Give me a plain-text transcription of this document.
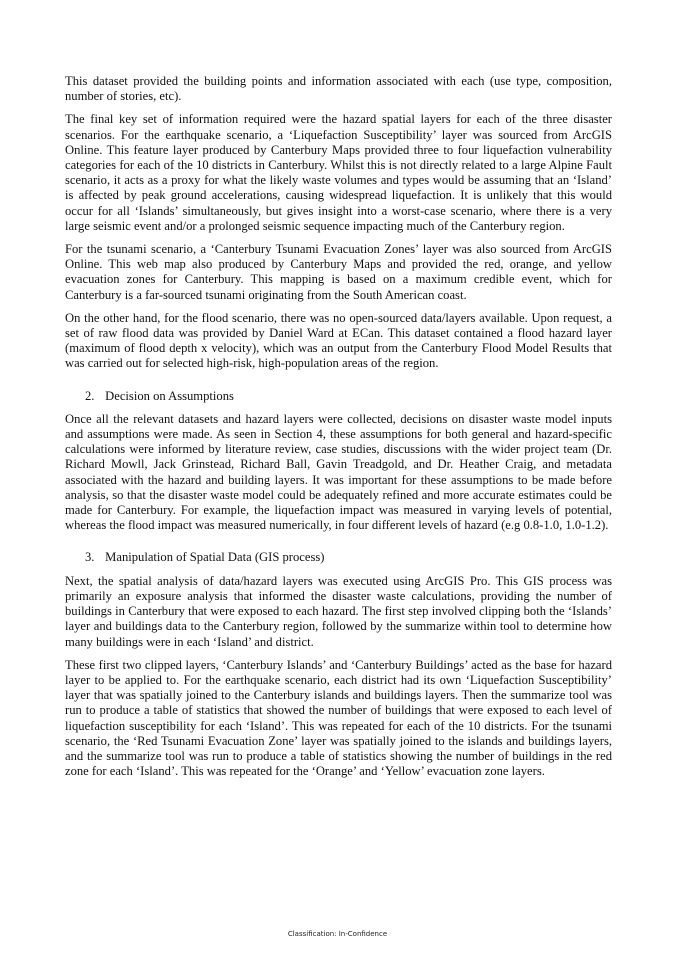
This dataset provided the building points and information associated with each (use type, composition, number of stories, etc).

The final key set of information required were the hazard spatial layers for each of the three disaster scenarios. For the earthquake scenario, a ‘Liquefaction Susceptibility’ layer was sourced from ArcGIS Online. This feature layer produced by Canterbury Maps provided three to four liquefaction vulnerability categories for each of the 10 districts in Canterbury. Whilst this is not directly related to a large Alpine Fault scenario, it acts as a proxy for what the likely waste volumes and types would be assuming that an ‘Island’ is affected by peak ground accelerations, causing widespread liquefaction. It is unlikely that this would occur for all ‘Islands’ simultaneously, but gives insight into a worst-case scenario, where there is a very large seismic event and/or a prolonged seismic sequence impacting much of the Canterbury region.

For the tsunami scenario, a ‘Canterbury Tsunami Evacuation Zones’ layer was also sourced from ArcGIS Online. This web map also produced by Canterbury Maps and provided the red, orange, and yellow evacuation zones for Canterbury. This mapping is based on a maximum credible event, which for Canterbury is a far-sourced tsunami originating from the South American coast.

On the other hand, for the flood scenario, there was no open-sourced data/layers available. Upon request, a set of raw flood data was provided by Daniel Ward at ECan. This dataset contained a flood hazard layer (maximum of flood depth x velocity), which was an output from the Canterbury Flood Model Results that was carried out for selected high-risk, high-population areas of the region.

2. Decision on Assumptions

Once all the relevant datasets and hazard layers were collected, decisions on disaster waste model inputs and assumptions were made. As seen in Section 4, these assumptions for both general and hazard-specific calculations were informed by literature review, case studies, discussions with the wider project team (Dr. Richard Mowll, Jack Grinstead, Richard Ball, Gavin Treadgold, and Dr. Heather Craig, and metadata associated with the hazard and building layers. It was important for these assumptions to be made before analysis, so that the disaster waste model could be adequately refined and more accurate estimates could be made for Canterbury. For example, the liquefaction impact was measured in varying levels of potential, whereas the flood impact was measured numerically, in four different levels of hazard (e.g 0.8-1.0, 1.0-1.2).

3. Manipulation of Spatial Data (GIS process)

Next, the spatial analysis of data/hazard layers was executed using ArcGIS Pro. This GIS process was primarily an exposure analysis that informed the disaster waste calculations, providing the number of buildings in Canterbury that were exposed to each hazard. The first step involved clipping both the ‘Islands’ layer and buildings data to the Canterbury region, followed by the summarize within tool to determine how many buildings were in each ‘Island’ and district.

These first two clipped layers, ‘Canterbury Islands’ and ‘Canterbury Buildings’ acted as the base for hazard layer to be applied to. For the earthquake scenario, each district had its own ‘Liquefaction Susceptibility’ layer that was spatially joined to the Canterbury islands and buildings layers. Then the summarize tool was run to produce a table of statistics that showed the number of buildings that were exposed to each level of liquefaction susceptibility for each ‘Island’. This was repeated for each of the 10 districts. For the tsunami scenario, the ‘Red Tsunami Evacuation Zone’ layer was spatially joined to the islands and buildings layers, and the summarize tool was run to produce a table of statistics showing the number of buildings in the red zone for each ‘Island’. This was repeated for the ‘Orange’ and ‘Yellow’ evacuation zone layers.

Classification: In-Confidence
